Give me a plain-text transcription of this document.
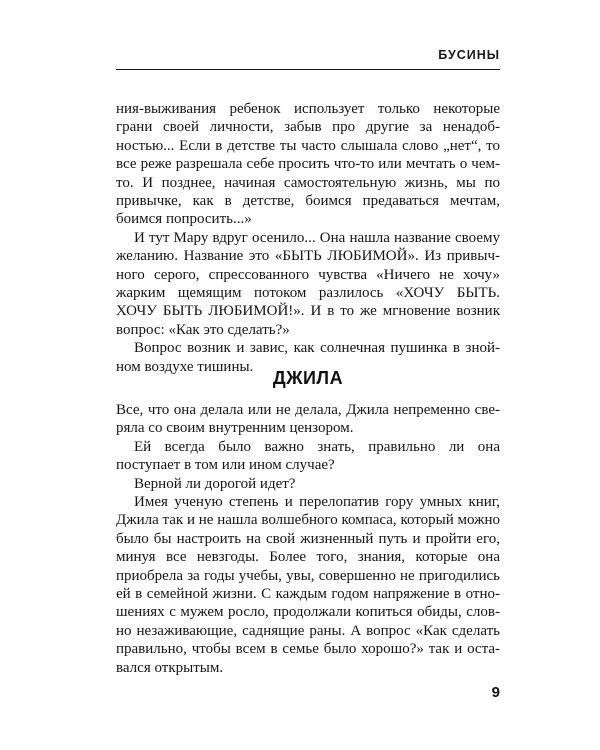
БУСИНЫ

ния-выживания ребенок использует только некоторые грани своей личности, забыв про другие за ненадобностью... Если в детстве ты часто слышала слово „нет“, то все реже разрешала себе просить что-то или мечтать о чем-то. И позднее, начиная самостоятельную жизнь, мы по привычке, как в детстве, боимся предаваться мечтам, боимся попросить...»

И тут Мару вдруг осенило... Она нашла название своему желанию. Название это «БЫТЬ ЛЮБИМОЙ». Из привычного серого, спрессованного чувства «Ничего не хочу» жарким щемящим потоком разлилось «ХОЧУ БЫТЬ. ХОЧУ БЫТЬ ЛЮБИМОЙ!». И в то же мгновение возник вопрос: «Как это сделать?»

Вопрос возник и завис, как солнечная пушинка в знойном воздухе тишины.

ДЖИЛА

Все, что она делала или не делала, Джила непременно сверяла со своим внутренним цензором.

Ей всегда было важно знать, правильно ли она поступает в том или ином случае?

Верной ли дорогой идет?

Имея ученую степень и перелопатив гору умных книг, Джила так и не нашла волшебного компаса, который можно было бы настроить на свой жизненный путь и пройти его, минуя все невзгоды. Более того, знания, которые она приобрела за годы учебы, увы, совершенно не пригодились ей в семейной жизни. С каждым годом напряжение в отношениях с мужем росло, продолжали копиться обиды, словно незаживающие, саднящие раны. А вопрос «Как сделать правильно, чтобы всем в семье было хорошо?» так и оставался открытым.

9
